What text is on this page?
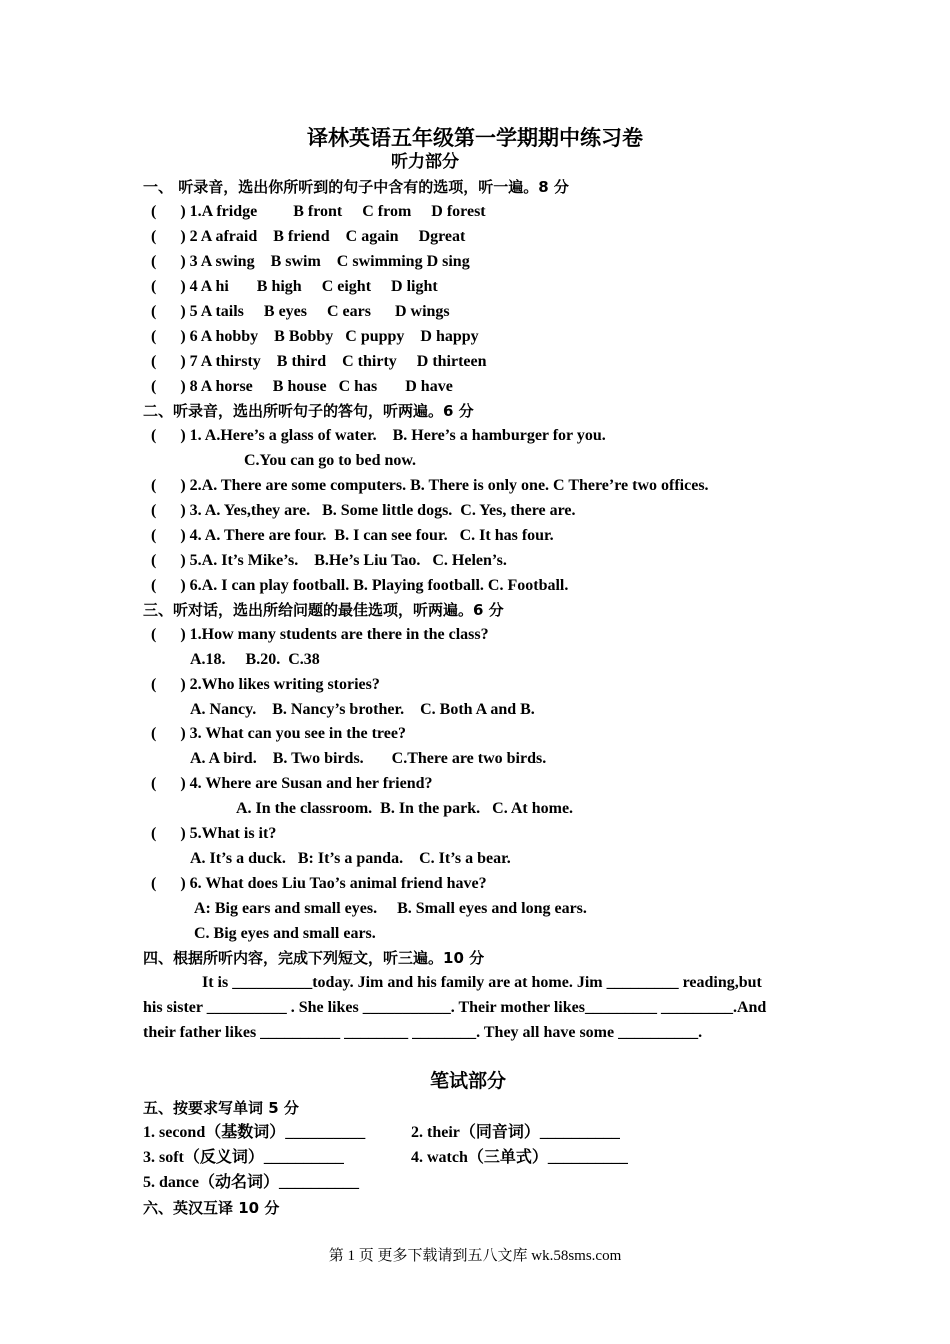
译林英语五年级第一学期期中练习卷
听力部分
一、 听录音，选出你所听到的句子中含有的选项，听一遍。8 分
(      ) 1.A fridge         B front     C from     D forest
(      ) 2 A afraid    B friend    C again     Dgreat
(      ) 3 A swing    B swim    C swimming D sing
(      ) 4 A hi       B high     C eight     D light
(      ) 5 A tails     B eyes     C ears      D wings
(      ) 6 A hobby    B Bobby   C puppy    D happy
(      ) 7 A thirsty    B third    C thirty     D thirteen
(      ) 8 A horse     B house   C has       D have
二、听录音，选出所听句子的答句，听两遍。6 分
(      ) 1. A.Here’s a glass of water.    B. Here’s a hamburger for you.
C.You can go to bed now.
(      ) 2.A. There are some computers. B. There is only one. C There’re two offices.
(      ) 3. A. Yes,they are.   B. Some little dogs.  C. Yes, there are.
(      ) 4. A. There are four.  B. I can see four.   C. It has four.
(      ) 5.A. It’s Mike’s.    B.He’s Liu Tao.   C. Helen’s.
(      ) 6.A. I can play football. B. Playing football. C. Football.
三、听对话，选出所给问题的最佳选项，听两遍。6 分
(      ) 1.How many students are there in the class?
A.18.     B.20.  C.38
(      ) 2.Who likes writing stories?
A. Nancy.    B. Nancy’s brother.    C. Both A and B.
(      ) 3. What can you see in the tree?
A. A bird.    B. Two birds.       C.There are two birds.
(      ) 4. Where are Susan and her friend?
A. In the classroom.  B. In the park.   C. At home.
(      ) 5.What is it?
A. It’s a duck.   B: It’s a panda.    C. It’s a bear.
(      ) 6. What does Liu Tao’s animal friend have?
A: Big ears and small eyes.     B. Small eyes and long ears.
C. Big eyes and small ears.
四、根据所听内容，完成下列短文，听三遍。10 分
It is __________today. Jim and his family are at home. Jim _________ reading,but
his sister __________ . She likes ___________. Their mother likes_________ _________.And
their father likes __________ ________ ________. They all have some __________.
笔试部分
五、按要求写单词 5 分
1. second（基数词）__________	2. their（同音词）__________
3. soft（反义词）__________	4. watch（三单式）__________
5. dance（动名词）__________
六、英汉互译 10 分
第 1 页 更多下载请到五八文库 wk.58sms.com
